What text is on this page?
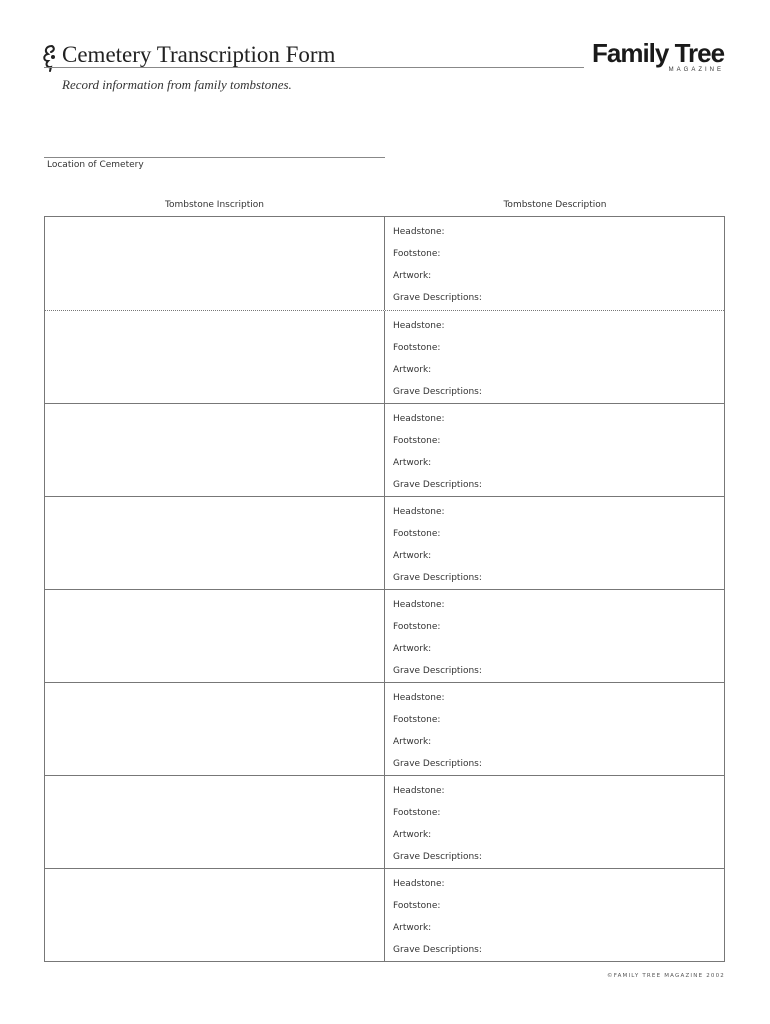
Cemetery Transcription Form
Record information from family tombstones.
Family Tree
MAGAZINE
Location of Cemetery
Tombstone Inscription	Tombstone Description
Headstone:
Footstone:
Artwork:
Grave Descriptions:
Headstone:
Footstone:
Artwork:
Grave Descriptions:
Headstone:
Footstone:
Artwork:
Grave Descriptions:
Headstone:
Footstone:
Artwork:
Grave Descriptions:
Headstone:
Footstone:
Artwork:
Grave Descriptions:
Headstone:
Footstone:
Artwork:
Grave Descriptions:
Headstone:
Footstone:
Artwork:
Grave Descriptions:
Headstone:
Footstone:
Artwork:
Grave Descriptions:
©FAMILY TREE MAGAZINE 2002
